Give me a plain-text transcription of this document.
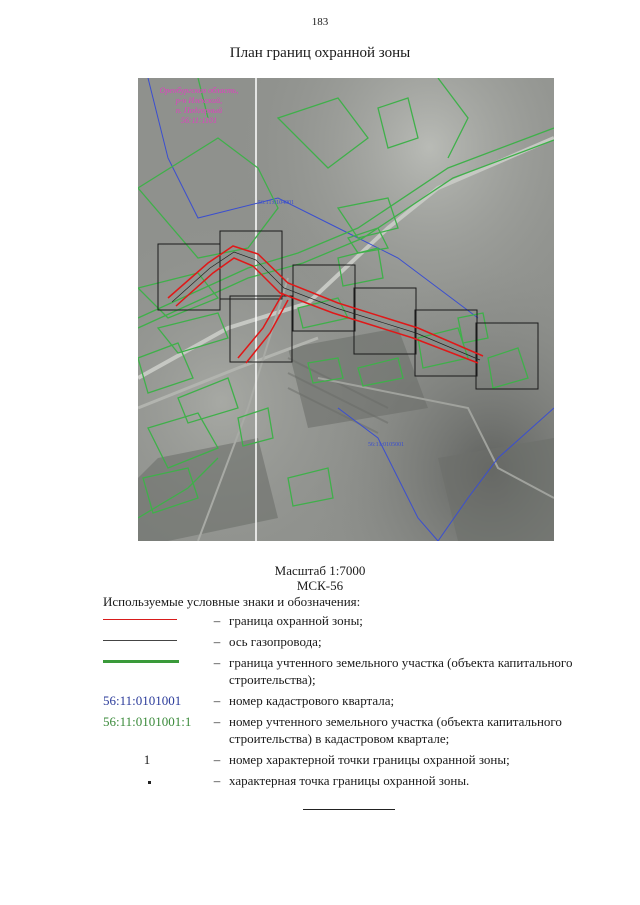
183
План границ охранной зоны
Оренбургская область,
р-н Илекский,
п. Подгорный
56:11:1101
56:11:0104001
56:11:0105001
Масштаб 1:7000
МСК-56
Используемые условные знаки и обозначения:
– граница охранной зоны;
– ось газопровода;
– граница учтенного земельного участка (объекта капитального строительства);
56:11:0101001	– номер кадастрового квартала;
56:11:0101001:1	– номер учтенного земельного участка (объекта капитального строительства) в кадастровом квартале;
1	– номер характерной точки границы охранной зоны;
– характерная точка границы охранной зоны.
